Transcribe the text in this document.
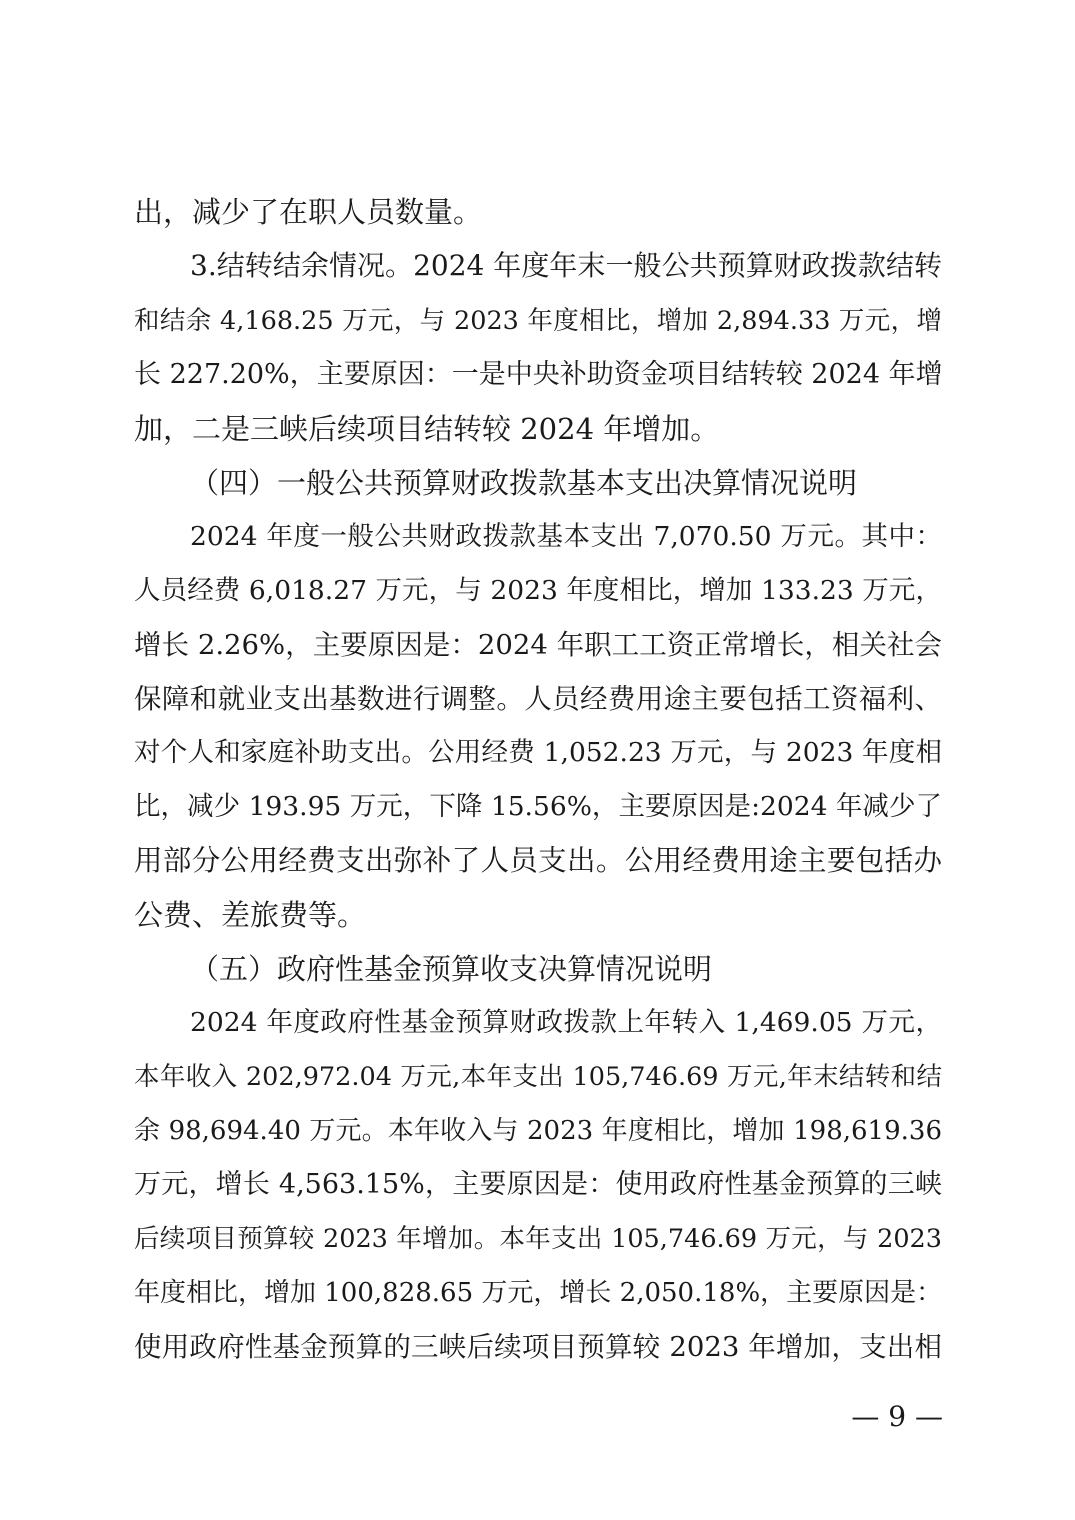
出，减少了在职人员数量。
3.结转结余情况。2024 年度年末一般公共预算财政拨款结转
和结余 4,168.25 万元，与 2023 年度相比，增加 2,894.33 万元，增
长 227.20%，主要原因：一是中央补助资金项目结转较 2024 年增
加，二是三峡后续项目结转较 2024 年增加。
（四）一般公共预算财政拨款基本支出决算情况说明
2024 年度一般公共财政拨款基本支出 7,070.50 万元。其中：
人员经费 6,018.27 万元，与 2023 年度相比，增加 133.23 万元，
增长 2.26%，主要原因是：2024 年职工工资正常增长，相关社会
保障和就业支出基数进行调整。人员经费用途主要包括工资福利、
对个人和家庭补助支出。公用经费 1,052.23 万元，与 2023 年度相
比，减少 193.95 万元，下降 15.56%，主要原因是:2024 年减少了
用部分公用经费支出弥补了人员支出。公用经费用途主要包括办
公费、差旅费等。
（五）政府性基金预算收支决算情况说明
2024 年度政府性基金预算财政拨款上年转入 1,469.05 万元，
本年收入 202,972.04 万元,本年支出 105,746.69 万元,年末结转和结
余 98,694.40 万元。本年收入与 2023 年度相比，增加 198,619.36
万元，增长 4,563.15%，主要原因是：使用政府性基金预算的三峡
后续项目预算较 2023 年增加。本年支出 105,746.69 万元，与 2023
年度相比，增加 100,828.65 万元，增长 2,050.18%，主要原因是：
使用政府性基金预算的三峡后续项目预算较 2023 年增加，支出相
— 9 —
